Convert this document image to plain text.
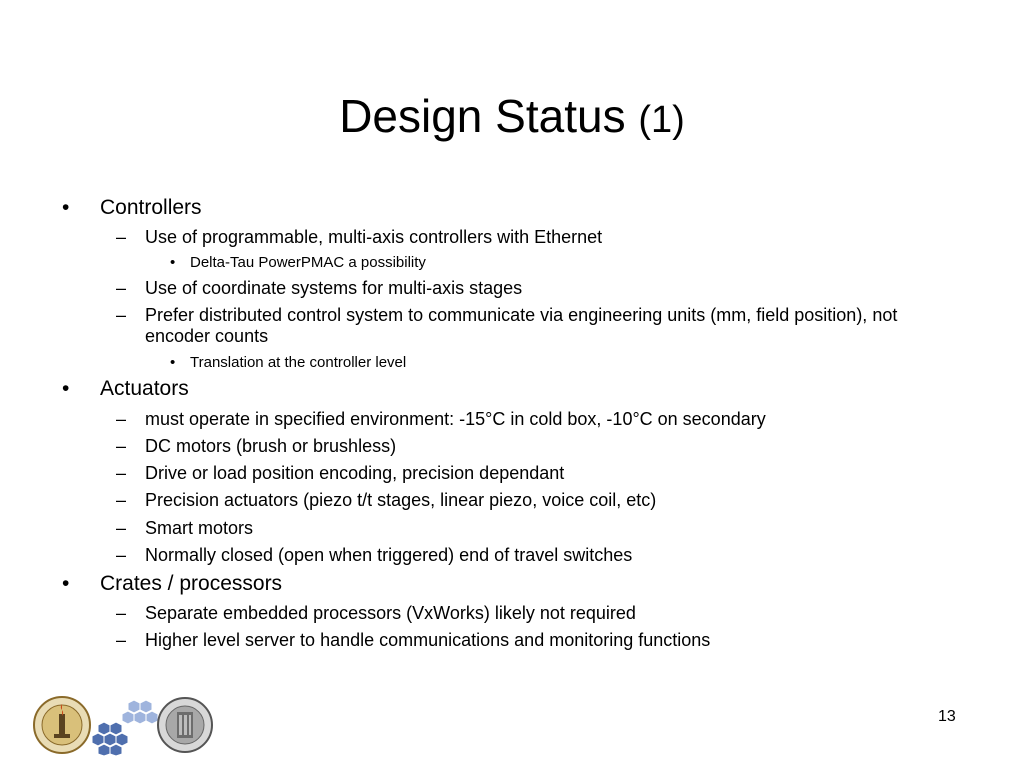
Design Status (1)
• Controllers
– Use of programmable, multi-axis controllers with Ethernet
• Delta-Tau PowerPMAC a possibility
– Use of coordinate systems for multi-axis stages
– Prefer distributed control system to communicate via engineering units (mm, field position), not encoder counts
• Translation at the controller level
• Actuators
– must operate in specified environment: -15°C in cold box, -10°C on secondary
– DC motors (brush or brushless)
– Drive or load position encoding, precision dependant
– Precision actuators (piezo t/t stages, linear piezo, voice coil, etc)
– Smart motors
– Normally closed (open when triggered) end of travel switches
• Crates / processors
– Separate embedded processors (VxWorks) likely not required
– Higher level server to handle communications and monitoring functions
13
